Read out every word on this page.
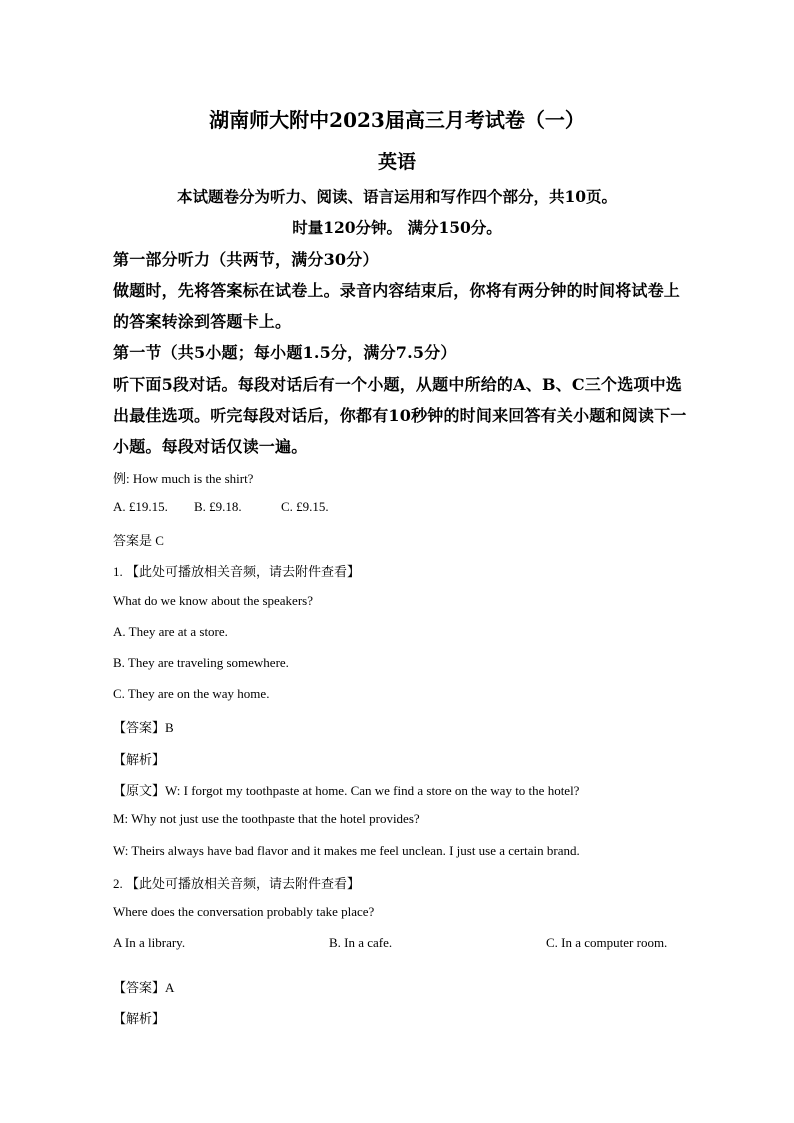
湖南师大附中2023届高三月考试卷（一）
英语
本试题卷分为听力、阅读、语言运用和写作四个部分，共10页。
时量120分钟。 满分150分。
第一部分听力（共两节，满分30分）
做题时，先将答案标在试卷上。录音内容结束后，你将有两分钟的时间将试卷上
的答案转涂到答题卡上。
第一节（共5小题；每小题1.5分，满分7.5分）
听下面5段对话。每段对话后有一个小题，从题中所给的A、B、C三个选项中选
出最佳选项。听完每段对话后，你都有10秒钟的时间来回答有关小题和阅读下一
小题。每段对话仅读一遍。
例: How much is the shirt?
A. £19.15. B. £9.18.	C. £9.15.
答案是 C
1. 【此处可播放相关音频，请去附件查看】
What do we know about the speakers?
A. They are at a store.
B. They are traveling somewhere.
C. They are on the way home.
【答案】B
【解析】
【原文】W: I forgot my toothpaste at home. Can we find a store on the way to the hotel?
M: Why not just use the toothpaste that the hotel provides?
W: Theirs always have bad flavor and it makes me feel unclean. I just use a certain brand.
2. 【此处可播放相关音频，请去附件查看】
Where does the conversation probably take place?
A In a library.	B. In a cafe.	C. In a computer room.
【答案】A
【解析】
